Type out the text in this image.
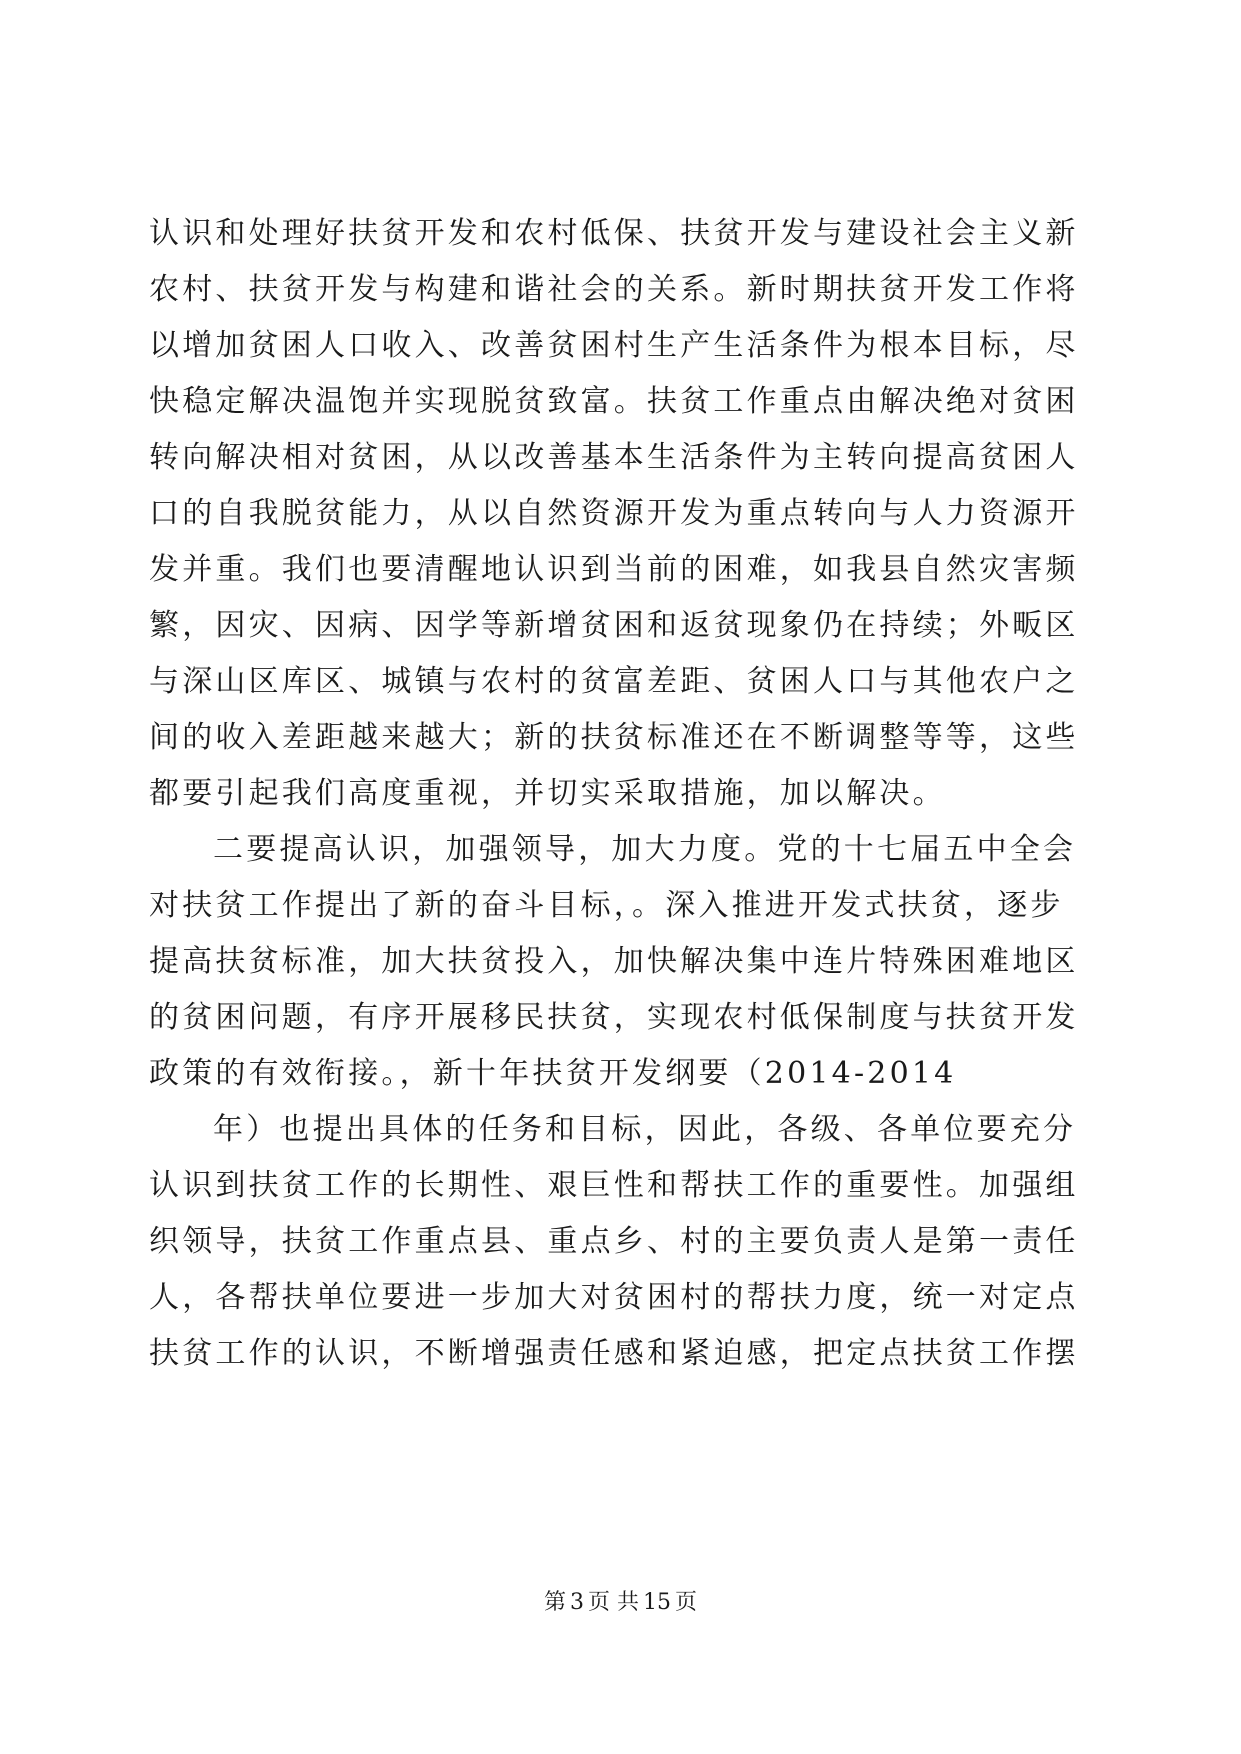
认识和处理好扶贫开发和农村低保、扶贫开发与建设社会主义新
农村、扶贫开发与构建和谐社会的关系。新时期扶贫开发工作将
以增加贫困人口收入、改善贫困村生产生活条件为根本目标，尽
快稳定解决温饱并实现脱贫致富。扶贫工作重点由解决绝对贫困
转向解决相对贫困，从以改善基本生活条件为主转向提高贫困人
口的自我脱贫能力，从以自然资源开发为重点转向与人力资源开
发并重。我们也要清醒地认识到当前的困难，如我县自然灾害频
繁，因灾、因病、因学等新增贫困和返贫现象仍在持续；外畈区
与深山区库区、城镇与农村的贫富差距、贫困人口与其他农户之
间的收入差距越来越大；新的扶贫标准还在不断调整等等，这些
都要引起我们高度重视，并切实采取措施，加以解决。
二要提高认识，加强领导，加大力度。党的十七届五中全会
对扶贫工作提出了新的奋斗目标，。深入推进开发式扶贫，逐步
提高扶贫标准，加大扶贫投入，加快解决集中连片特殊困难地区
的贫困问题，有序开展移民扶贫，实现农村低保制度与扶贫开发
政策的有效衔接。，新十年扶贫开发纲要（2014-2014
年）也提出具体的任务和目标，因此，各级、各单位要充分
认识到扶贫工作的长期性、艰巨性和帮扶工作的重要性。加强组
织领导，扶贫工作重点县、重点乡、村的主要负责人是第一责任
人，各帮扶单位要进一步加大对贫困村的帮扶力度，统一对定点
扶贫工作的认识，不断增强责任感和紧迫感，把定点扶贫工作摆
第 3 页 共 15 页
